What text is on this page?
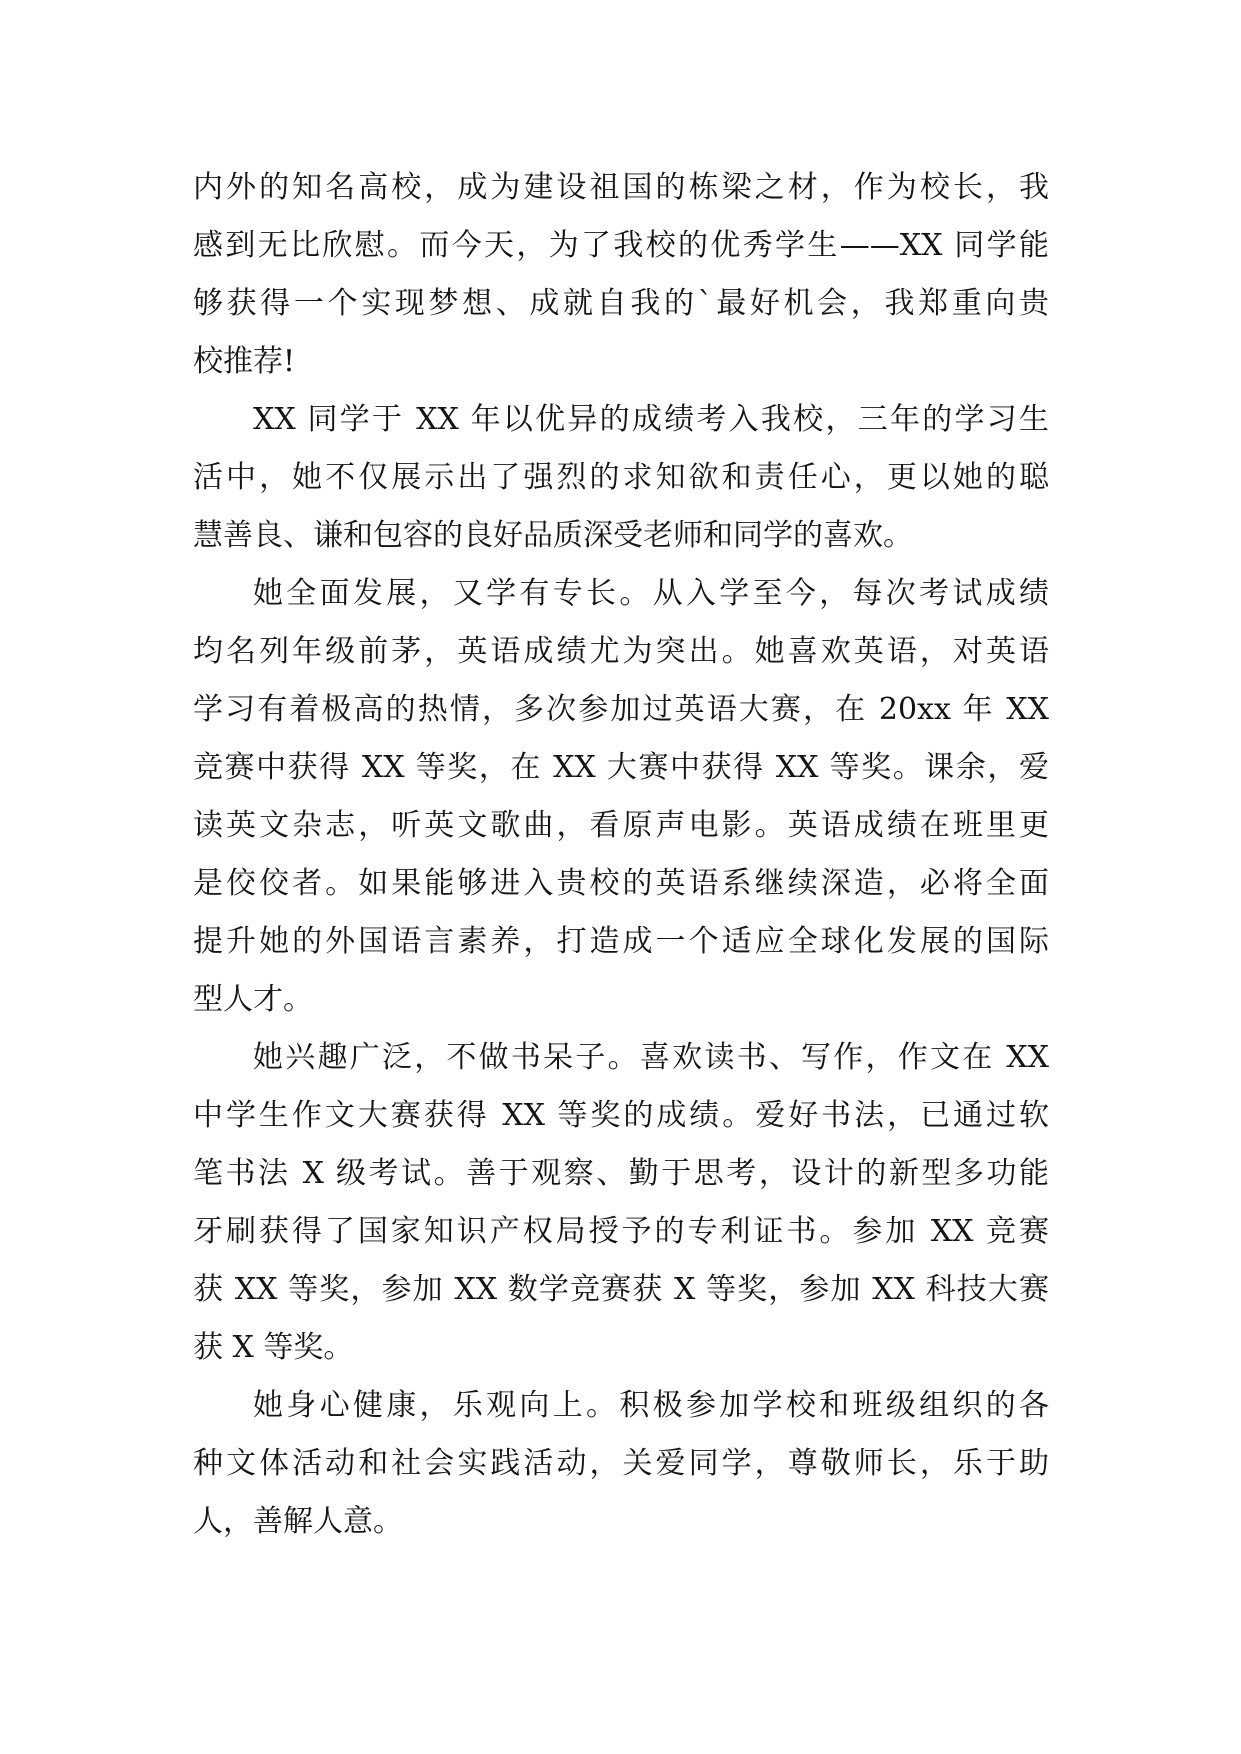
内外的知名高校，成为建设祖国的栋梁之材，作为校长，我
感到无比欣慰。而今天，为了我校的优秀学生——XX 同学能
够获得一个实现梦想、成就自我的`最好机会，我郑重向贵
校推荐!
XX 同学于 XX 年以优异的成绩考入我校，三年的学习生
活中，她不仅展示出了强烈的求知欲和责任心，更以她的聪
慧善良、谦和包容的良好品质深受老师和同学的喜欢。
她全面发展，又学有专长。从入学至今，每次考试成绩
均名列年级前茅，英语成绩尤为突出。她喜欢英语，对英语
学习有着极高的热情，多次参加过英语大赛，在 20xx 年 XX
竞赛中获得 XX 等奖，在 XX 大赛中获得 XX 等奖。课余，爱
读英文杂志，听英文歌曲，看原声电影。英语成绩在班里更
是佼佼者。如果能够进入贵校的英语系继续深造，必将全面
提升她的外国语言素养，打造成一个适应全球化发展的国际
型人才。
她兴趣广泛，不做书呆子。喜欢读书、写作，作文在 XX
中学生作文大赛获得 XX 等奖的成绩。爱好书法，已通过软
笔书法 X 级考试。善于观察、勤于思考，设计的新型多功能
牙刷获得了国家知识产权局授予的专利证书。参加 XX 竞赛
获 XX 等奖，参加 XX 数学竞赛获 X 等奖，参加 XX 科技大赛
获 X 等奖。
她身心健康，乐观向上。积极参加学校和班级组织的各
种文体活动和社会实践活动，关爱同学，尊敬师长，乐于助
人，善解人意。
